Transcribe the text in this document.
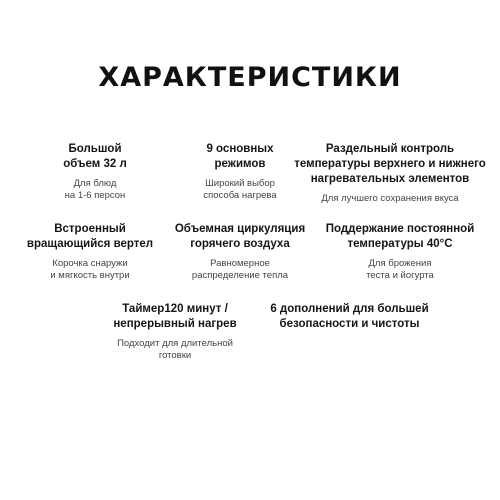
ХАРАКТЕРИСТИКИ
Большой
объем 32 л
Для блюд
на 1-6 персон
9 основных
режимов
Широкий выбор
способа нагрева
Раздельный контроль
температуры верхнего и нижнего
нагревательных элементов
Для лучшего сохранения вкуса
Встроенный
вращающийся вертел
Корочка снаружи
и мягкость внутри
Объемная циркуляция
горячего воздуха
Равномерное
распределение тепла
Поддержание постоянной
температуры 40°С
Для брожения
теста и йогурта
Таймер120 минут /
непрерывный нагрев
Подходит для длительной
готовки
6 дополнений для большей
безопасности и чистоты
